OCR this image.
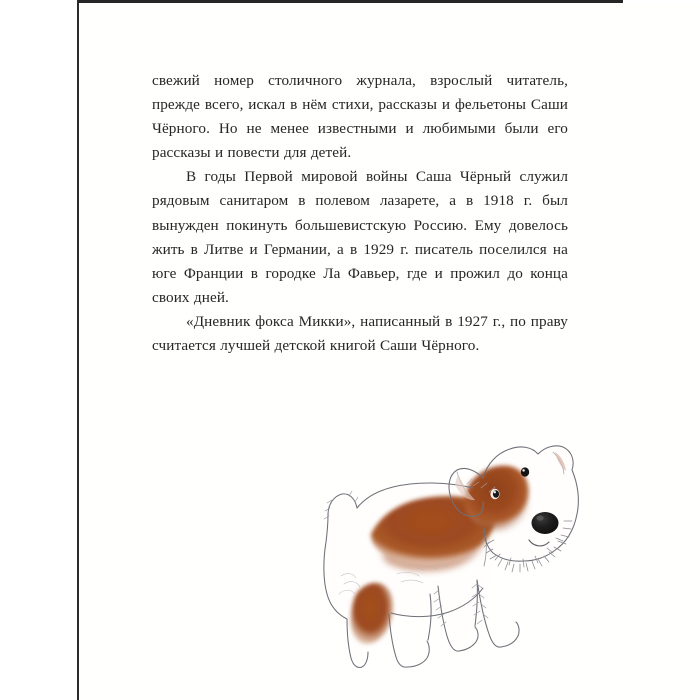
свежий номер столичного журнала, взрослый читатель, прежде всего, искал в нём стихи, рассказы и фельетоны Саши Чёрного. Но не менее известными и любимыми были его рассказы и повести для детей.

В годы Первой мировой войны Саша Чёрный служил рядовым санитаром в полевом лазарете, а в 1918 г. был вынужден покинуть большевистскую Россию. Ему довелось жить в Литве и Германии, а в 1929 г. писатель поселился на юге Франции в городке Ла Фавьер, где и прожил до конца своих дней.

«Дневник фокса Микки», написанный в 1927 г., по праву считается лучшей детской книгой Саши Чёрного.
